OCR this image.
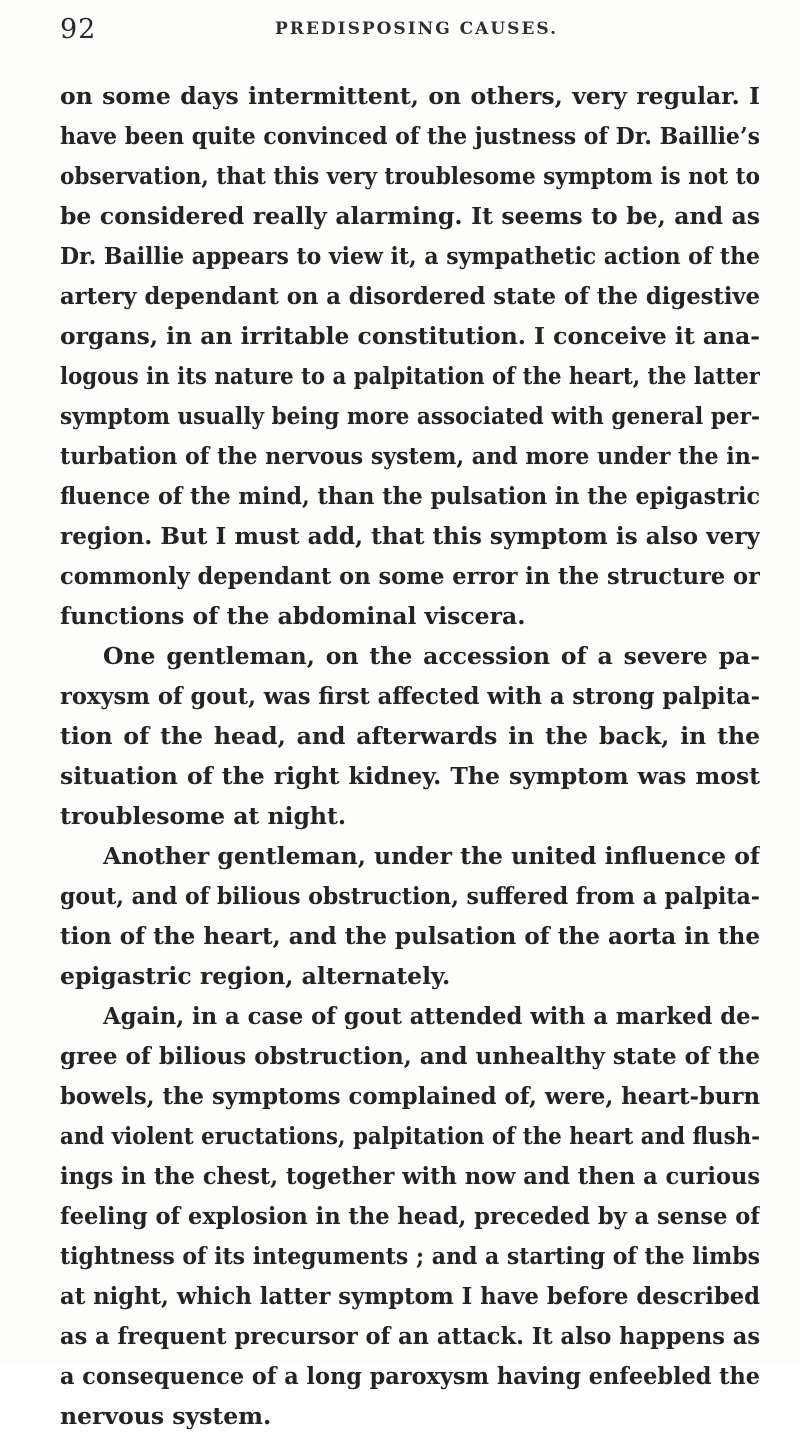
92	PREDISPOSING CAUSES.
on some days intermittent, on others, very regular. I
have been quite convinced of the justness of Dr. Baillie’s
observation, that this very troublesome symptom is not to
be considered really alarming. It seems to be, and as
Dr. Baillie appears to view it, a sympathetic action of the
artery dependant on a disordered state of the digestive
organs, in an irritable constitution. I conceive it ana-
logous in its nature to a palpitation of the heart, the latter
symptom usually being more associated with general per-
turbation of the nervous system, and more under the in-
fluence of the mind, than the pulsation in the epigastric
region. But I must add, that this symptom is also very
commonly dependant on some error in the structure or
functions of the abdominal viscera.
One gentleman, on the accession of a severe pa-
roxysm of gout, was first affected with a strong palpita-
tion of the head, and afterwards in the back, in the
situation of the right kidney. The symptom was most
troublesome at night.
Another gentleman, under the united influence of
gout, and of bilious obstruction, suffered from a palpita-
tion of the heart, and the pulsation of the aorta in the
epigastric region, alternately.
Again, in a case of gout attended with a marked de-
gree of bilious obstruction, and unhealthy state of the
bowels, the symptoms complained of, were, heart-burn
and violent eructations, palpitation of the heart and flush-
ings in the chest, together with now and then a curious
feeling of explosion in the head, preceded by a sense of
tightness of its integuments ; and a starting of the limbs
at night, which latter symptom I have before described
as a frequent precursor of an attack. It also happens as
a consequence of a long paroxysm having enfeebled the
nervous system.
